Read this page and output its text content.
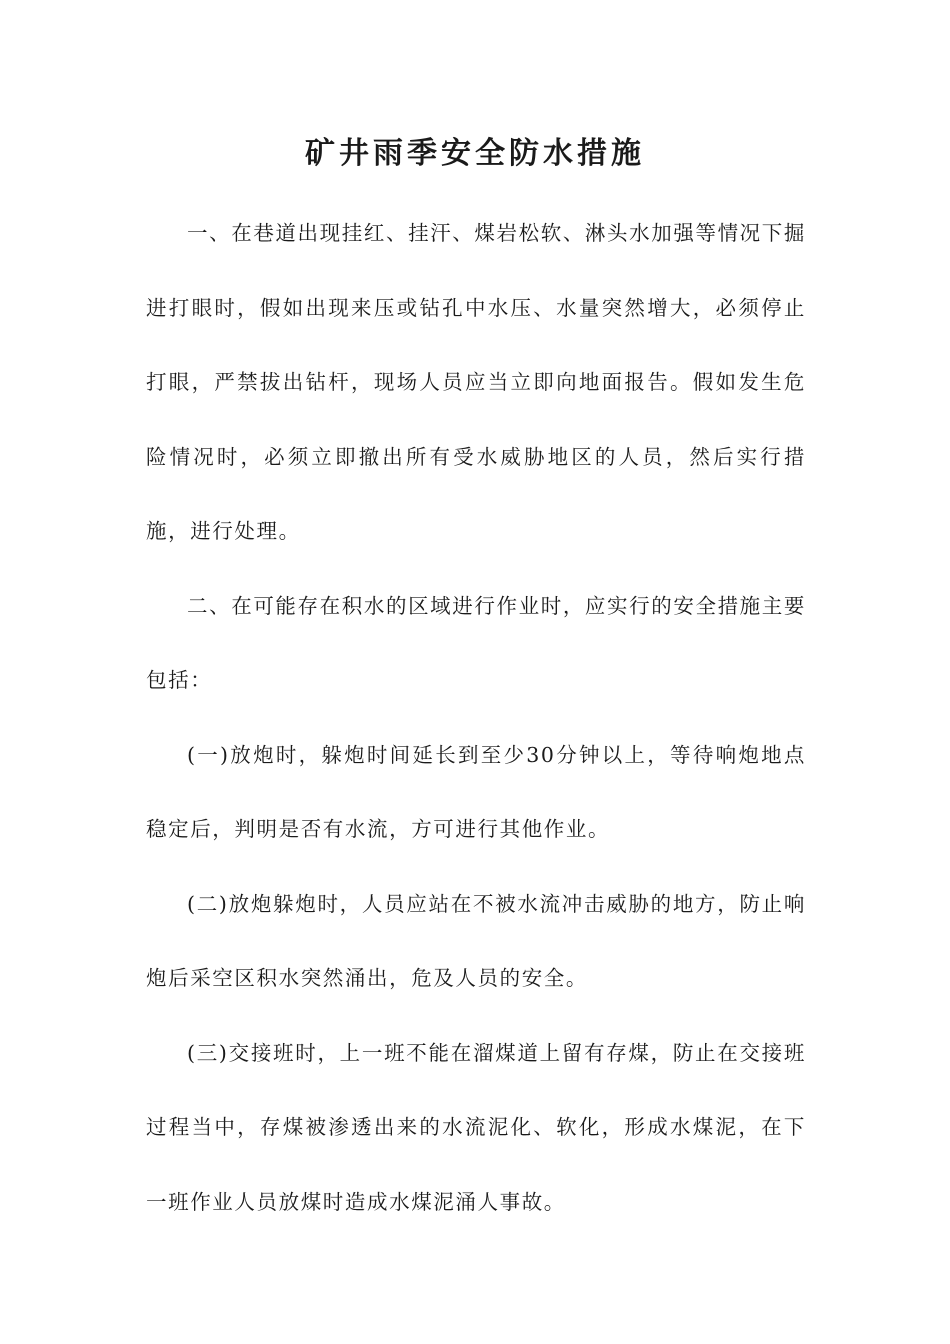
矿井雨季安全防水措施

一、在巷道出现挂红、挂汗、煤岩松软、淋头水加强等情况下掘进打眼时，假如出现来压或钻孔中水压、水量突然增大，必须停止打眼，严禁拔出钻杆，现场人员应当立即向地面报告。假如发生危险情况时，必须立即撤出所有受水威胁地区的人员，然后实行措施，进行处理。

二、在可能存在积水的区域进行作业时，应实行的安全措施主要包括：

(一)放炮时，躲炮时间延长到至少30分钟以上，等待响炮地点稳定后，判明是否有水流，方可进行其他作业。

(二)放炮躲炮时，人员应站在不被水流冲击威胁的地方，防止响炮后采空区积水突然涌出，危及人员的安全。

(三)交接班时，上一班不能在溜煤道上留有存煤，防止在交接班过程当中，存煤被渗透出来的水流泥化、软化，形成水煤泥，在下一班作业人员放煤时造成水煤泥涌人事故。
